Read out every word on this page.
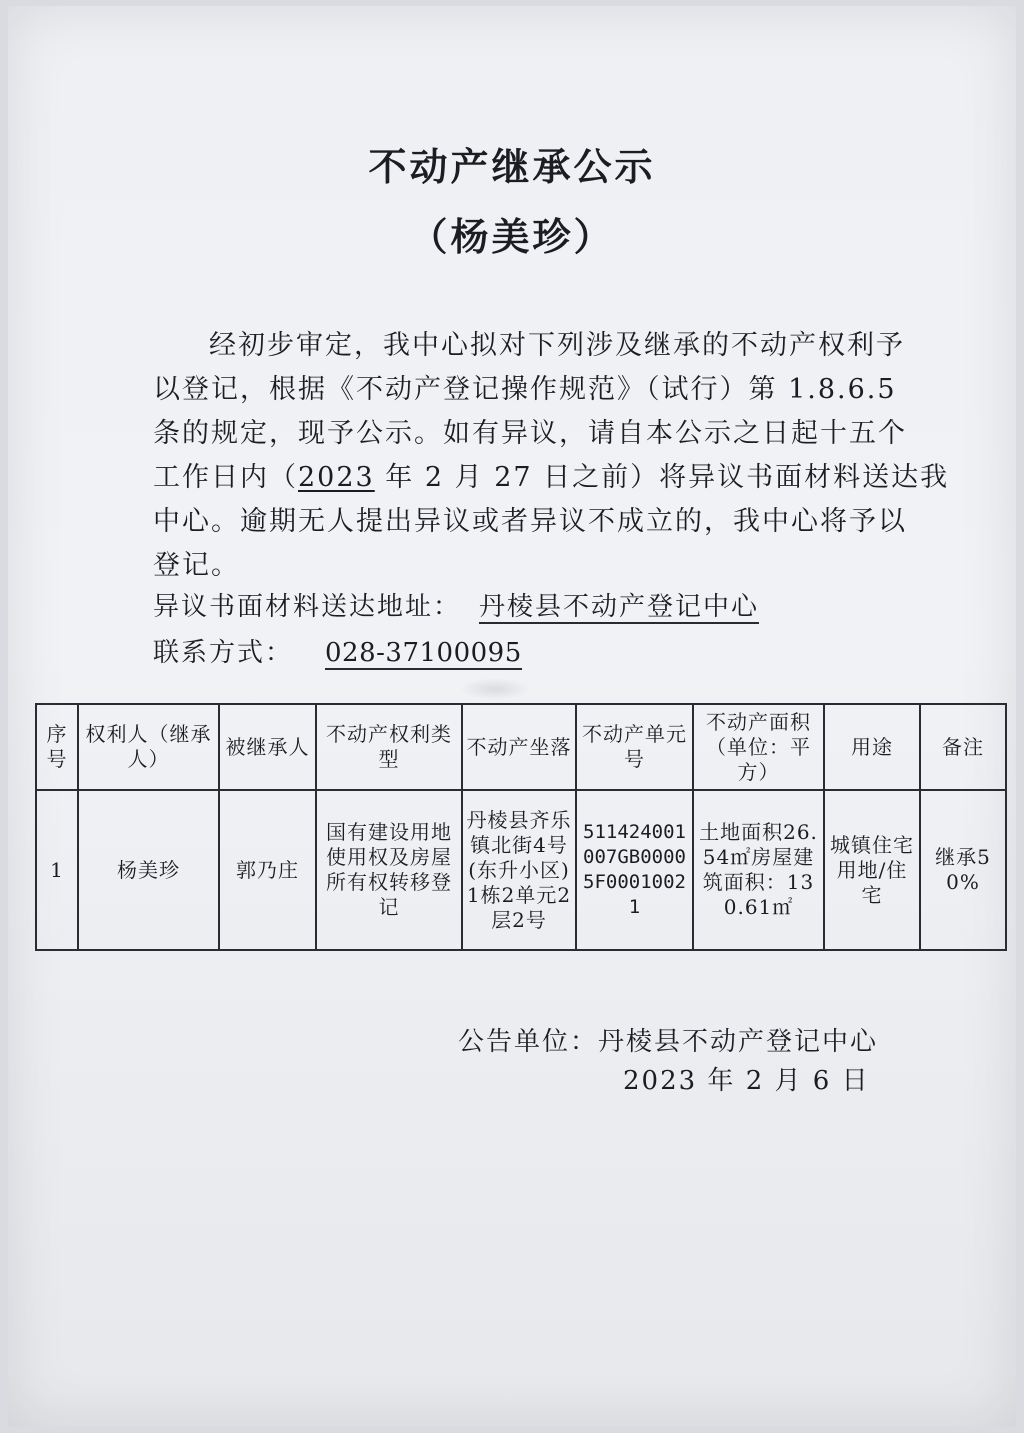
不动产继承公示
（杨美珍）

经初步审定，我中心拟对下列涉及继承的不动产权利予

以登记，根据《不动产登记操作规范》（试行）第 1.8.6.5

条的规定，现予公示。如有异议，请自本公示之日起十五个

工作日内（2023 年 2 月 27 日之前）将异议书面材料送达我

中心。逾期无人提出异议或者异议不成立的，我中心将予以

登记。

异议书面材料送达地址： 丹棱县不动产登记中心
联系方式： 028-37100095
序号	权利人（继承人）	被继承人	不动产权利类型	不动产坐落	不动产单元号	不动产面积（单位：平方）	用途	备注
1	杨美珍	郭乃庄	国有建设用地使用权及房屋所有权转移登记	丹棱县齐乐镇北街4号(东升小区)1栋2单元2层2号	511424001007GB00005F00010021	土地面积26.54㎡房屋建筑面积：130.61㎡	城镇住宅用地/住宅	继承50%
公告单位：丹棱县不动产登记中心
2023 年 2 月 6 日
